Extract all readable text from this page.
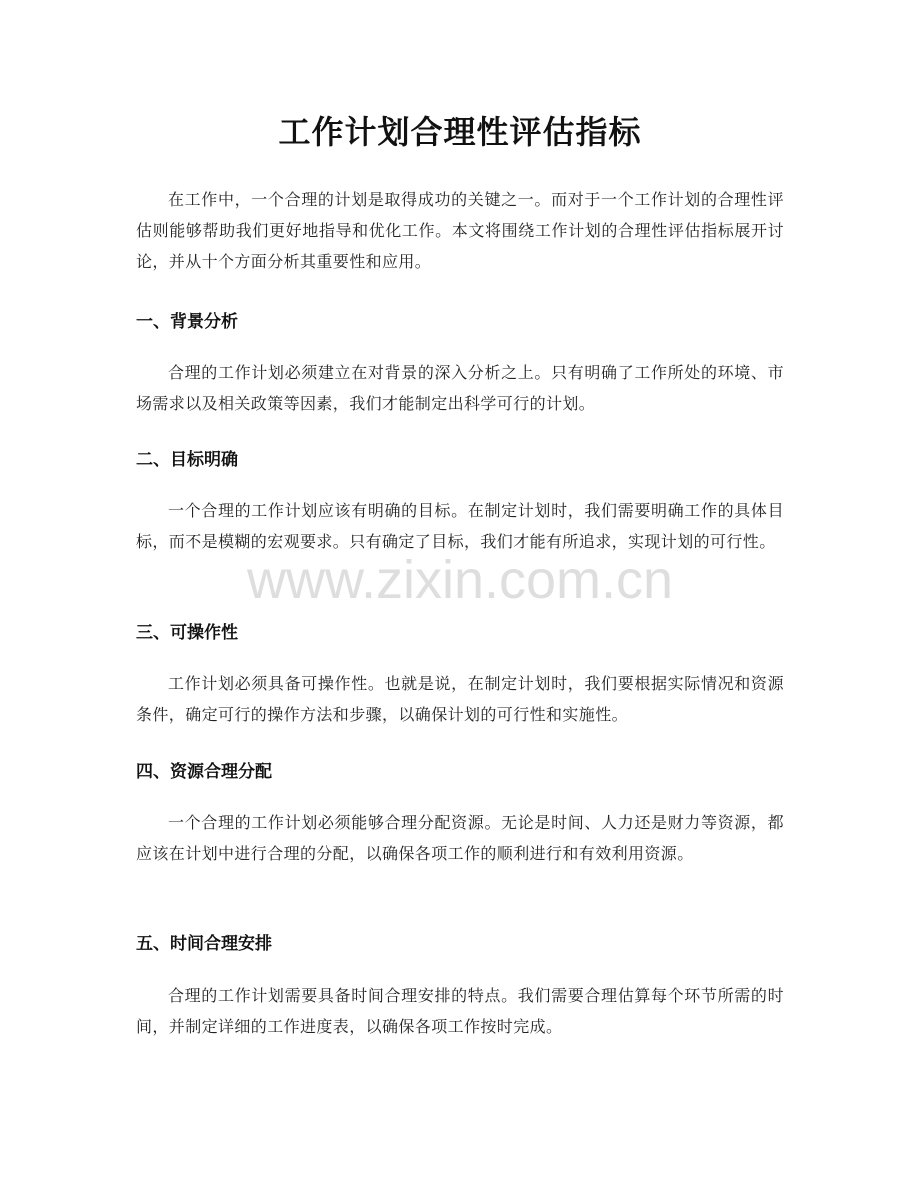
工作计划合理性评估指标
在工作中，一个合理的计划是取得成功的关键之一。而对于一个工作计划的合理性评估则能够帮助我们更好地指导和优化工作。本文将围绕工作计划的合理性评估指标展开讨论，并从十个方面分析其重要性和应用。
一、背景分析
合理的工作计划必须建立在对背景的深入分析之上。只有明确了工作所处的环境、市场需求以及相关政策等因素，我们才能制定出科学可行的计划。
二、目标明确
一个合理的工作计划应该有明确的目标。在制定计划时，我们需要明确工作的具体目标，而不是模糊的宏观要求。只有确定了目标，我们才能有所追求，实现计划的可行性。
三、可操作性
工作计划必须具备可操作性。也就是说，在制定计划时，我们要根据实际情况和资源条件，确定可行的操作方法和步骤，以确保计划的可行性和实施性。
四、资源合理分配
一个合理的工作计划必须能够合理分配资源。无论是时间、人力还是财力等资源，都应该在计划中进行合理的分配，以确保各项工作的顺利进行和有效利用资源。
五、时间合理安排
合理的工作计划需要具备时间合理安排的特点。我们需要合理估算每个环节所需的时间，并制定详细的工作进度表，以确保各项工作按时完成。
www.zixin.com.cn
